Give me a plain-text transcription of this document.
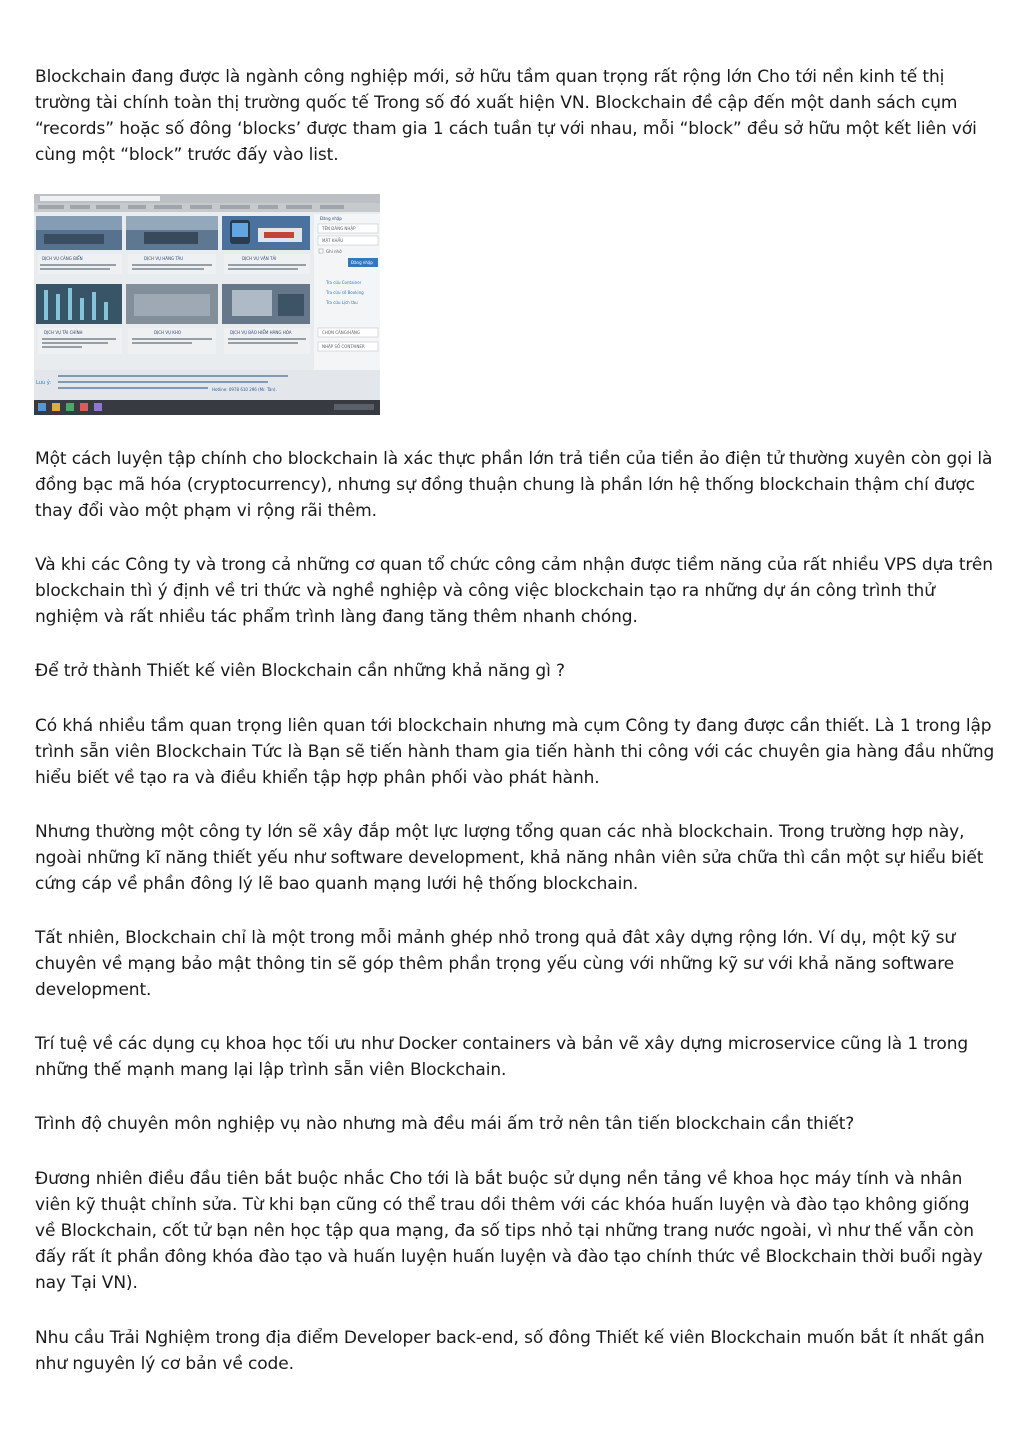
Blockchain đang được là ngành công nghiệp mới, sở hữu tầm quan trọng rất rộng lớn Cho tới nền kinh tế thị trường tài chính toàn thị trường quốc tế Trong số đó xuất hiện VN. Blockchain đề cập đến một danh sách cụm “records” hoặc số đông ‘blocks’ được tham gia 1 cách tuần tự với nhau, mỗi “block” đều sở hữu một kết liên với cùng một “block” trước đấy vào list.

DỊCH VỤ CẢNG BIỂN	DỊCH VỤ HÃNG TÀU	DỊCH VỤ VẬN TẢI
DỊCH VỤ TÀI CHÍNH	DỊCH VỤ KHO	DỊCH VỤ BẢO HIỂM HÀNG HÓA
Đăng nhập
TÊN ĐĂNG NHẬP
MẬT KHẨU
Ghi nhớ
Đăng nhập
Tra cứu Container
Tra cứu số Booking
Tra cứu Lịch tàu
CHỌN CẢNG/HÃNG
NHẬP SỐ CONTAINER
Lưu ý:
Hotline: 0978 610 296 (Mr. Tân).

Một cách luyện tập chính cho blockchain là xác thực phần lớn trả tiền của tiền ảo điện tử thường xuyên còn gọi là đồng bạc mã hóa (cryptocurrency), nhưng sự đồng thuận chung là phần lớn hệ thống blockchain thậm chí được thay đổi vào một phạm vi rộng rãi thêm.

Và khi các Công ty và trong cả những cơ quan tổ chức công cảm nhận được tiềm năng của rất nhiều VPS dựa trên blockchain thì ý định về tri thức và nghề nghiệp và công việc blockchain tạo ra những dự án công trình thử nghiệm và rất nhiều tác phẩm trình làng đang tăng thêm nhanh chóng.

Để trở thành Thiết kế viên Blockchain cần những khả năng gì ?

Có khá nhiều tầm quan trọng liên quan tới blockchain nhưng mà cụm Công ty đang được cần thiết. Là 1 trong lập trình sẵn viên Blockchain Tức là Bạn sẽ tiến hành tham gia tiến hành thi công với các chuyên gia hàng đầu những hiểu biết về tạo ra và điều khiển tập hợp phân phối vào phát hành.

Nhưng thường một công ty lớn sẽ xây đắp một lực lượng tổng quan các nhà blockchain. Trong trường hợp này, ngoài những kĩ năng thiết yếu như software development, khả năng nhân viên sửa chữa thì cần một sự hiểu biết cứng cáp về phần đông lý lẽ bao quanh mạng lưới hệ thống blockchain.

Tất nhiên, Blockchain chỉ là một trong mỗi mảnh ghép nhỏ trong quả đât xây dựng rộng lớn. Ví dụ, một kỹ sư chuyên về mạng bảo mật thông tin sẽ góp thêm phần trọng yếu cùng với những kỹ sư với khả năng software development.

Trí tuệ về các dụng cụ khoa học tối ưu như Docker containers và bản vẽ xây dựng microservice cũng là 1 trong những thế mạnh mang lại lập trình sẵn viên Blockchain.

Trình độ chuyên môn nghiệp vụ nào nhưng mà đều mái ấm trở nên tân tiến blockchain cần thiết?

Đương nhiên điều đầu tiên bắt buộc nhắc Cho tới là bắt buộc sử dụng nền tảng về khoa học máy tính và nhân viên kỹ thuật chỉnh sửa. Từ khi bạn cũng có thể trau dồi thêm với các khóa huấn luyện và đào tạo không giống về Blockchain, cốt tử bạn nên học tập qua mạng, đa số tips nhỏ tại những trang nước ngoài, vì như thế vẫn còn đấy rất ít phần đông khóa đào tạo và huấn luyện huấn luyện và đào tạo chính thức về Blockchain thời buổi ngày nay Tại VN).

Nhu cầu Trải Nghiệm trong địa điểm Developer back-end, số đông Thiết kế viên Blockchain muốn bắt ít nhất gần như nguyên lý cơ bản về code.
